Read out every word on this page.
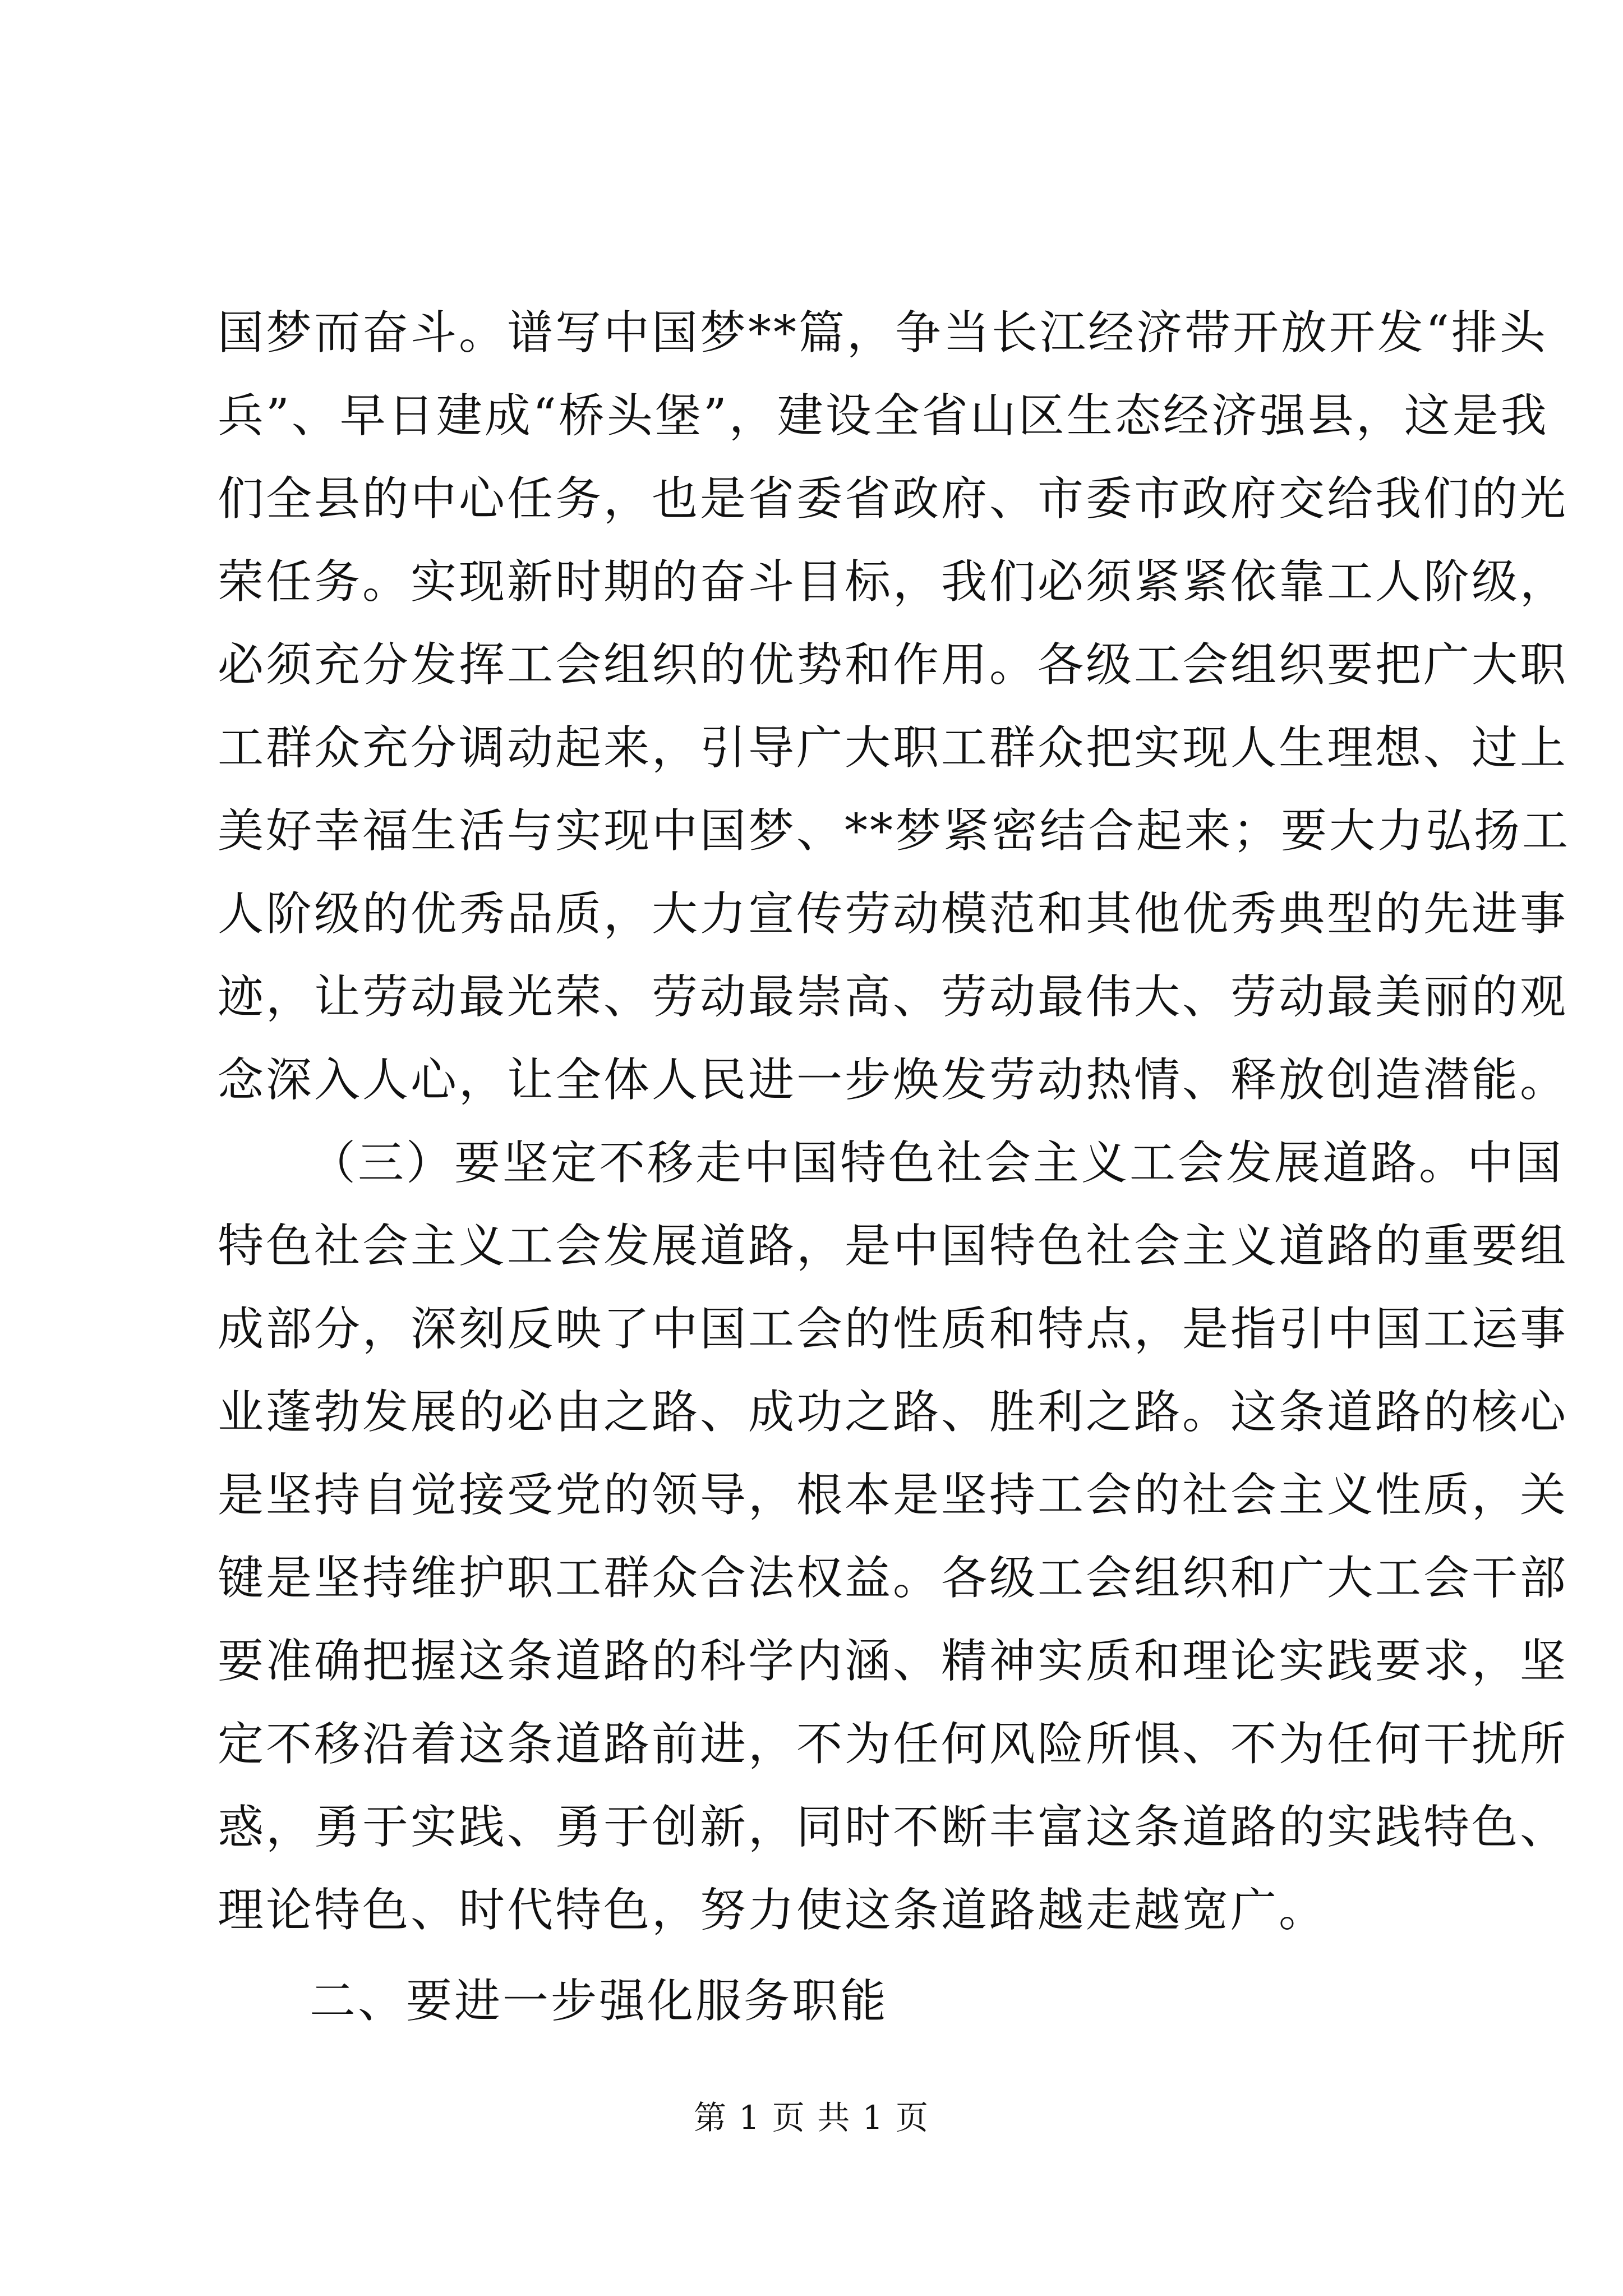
国梦而奋斗。谱写中国梦**篇，争当长江经济带开放开发“排头
兵”、早日建成“桥头堡”，建设全省山区生态经济强县，这是我
们全县的中心任务，也是省委省政府、市委市政府交给我们的光
荣任务。实现新时期的奋斗目标，我们必须紧紧依靠工人阶级，
必须充分发挥工会组织的优势和作用。各级工会组织要把广大职
工群众充分调动起来，引导广大职工群众把实现人生理想、过上
美好幸福生活与实现中国梦、**梦紧密结合起来；要大力弘扬工
人阶级的优秀品质，大力宣传劳动模范和其他优秀典型的先进事
迹，让劳动最光荣、劳动最崇高、劳动最伟大、劳动最美丽的观
念深入人心，让全体人民进一步焕发劳动热情、释放创造潜能。
（三）要坚定不移走中国特色社会主义工会发展道路。中国
特色社会主义工会发展道路，是中国特色社会主义道路的重要组
成部分，深刻反映了中国工会的性质和特点，是指引中国工运事
业蓬勃发展的必由之路、成功之路、胜利之路。这条道路的核心
是坚持自觉接受党的领导，根本是坚持工会的社会主义性质，关
键是坚持维护职工群众合法权益。各级工会组织和广大工会干部
要准确把握这条道路的科学内涵、精神实质和理论实践要求，坚
定不移沿着这条道路前进，不为任何风险所惧、不为任何干扰所
惑，勇于实践、勇于创新，同时不断丰富这条道路的实践特色、
理论特色、时代特色，努力使这条道路越走越宽广。
二、要进一步强化服务职能
第 1 页 共 1 页
